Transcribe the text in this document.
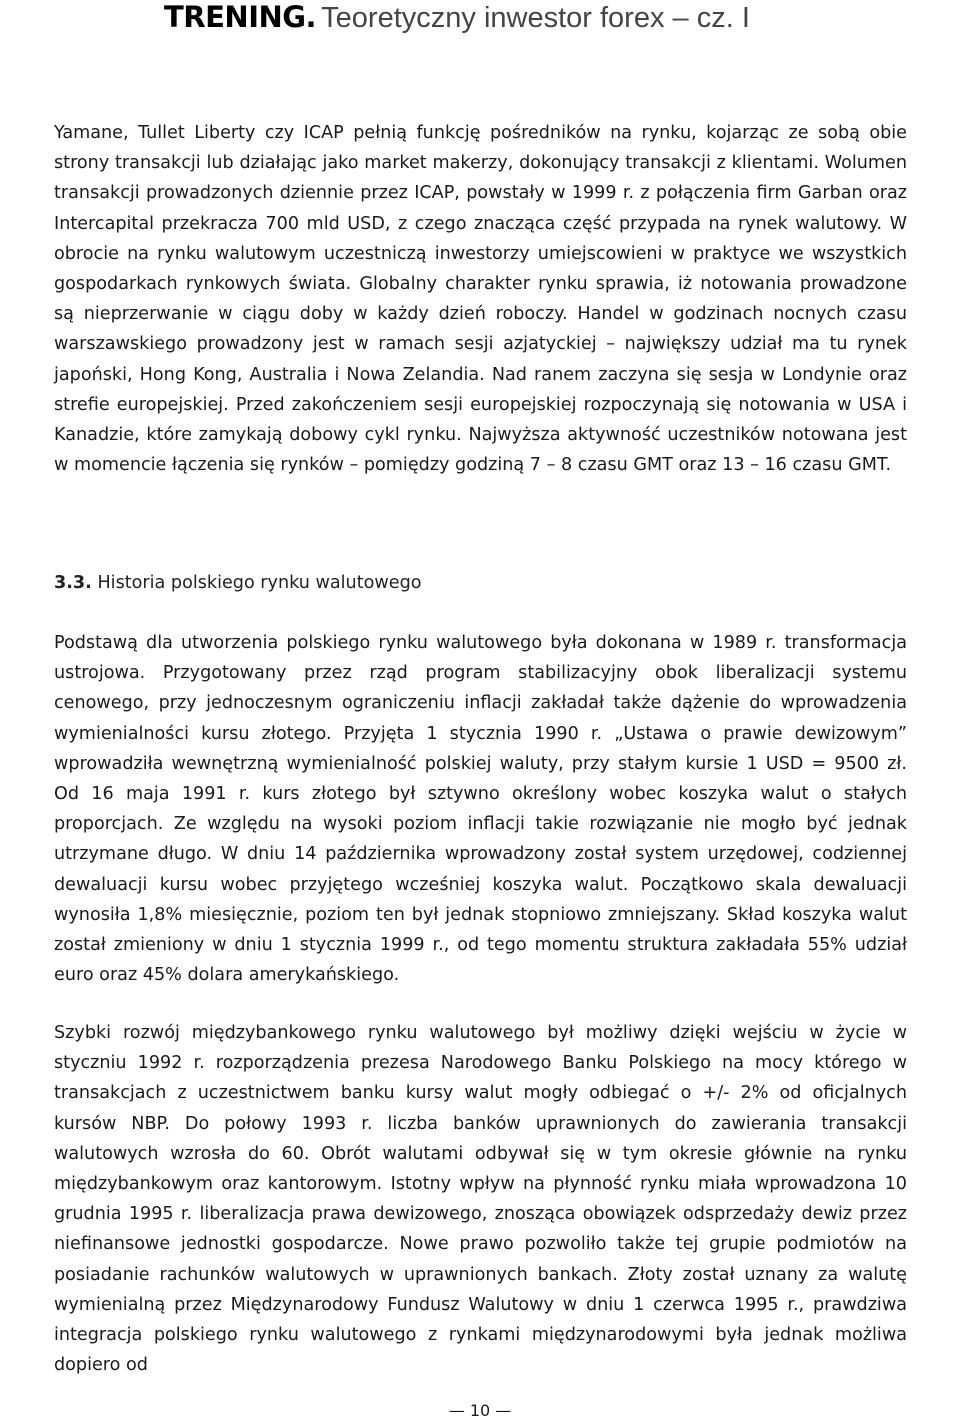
TRENING. Teoretyczny inwestor forex – cz. I

Yamane, Tullet Liberty czy ICAP pełnią funkcję pośredników na rynku, kojarząc ze sobą obie strony transakcji lub działając jako market makerzy, dokonujący transakcji z klientami. Wolumen transakcji prowadzonych dziennie przez ICAP, powstały w 1999 r. z połączenia firm Garban oraz Intercapital przekracza 700 mld USD, z czego znacząca część przypada na rynek walutowy. W obrocie na rynku walutowym uczestniczą inwestorzy umiejscowieni w praktyce we wszystkich gospodarkach rynkowych świata. Globalny charakter rynku sprawia, iż notowania prowadzone są nieprzerwanie w ciągu doby w każdy dzień roboczy. Handel w godzinach nocnych czasu warszawskiego prowadzony jest w ramach sesji azjatyckiej – największy udział ma tu rynek japoński, Hong Kong, Australia i Nowa Zelandia. Nad ranem zaczyna się sesja w Londynie oraz strefie europejskiej. Przed zakończeniem sesji europejskiej rozpoczynają się notowania w USA i Kanadzie, które zamykają dobowy cykl rynku. Najwyższa aktywność uczestników notowana jest w momencie łączenia się rynków – pomiędzy godziną 7 – 8 czasu GMT oraz 13 – 16 czasu GMT.

3.3. Historia polskiego rynku walutowego

Podstawą dla utworzenia polskiego rynku walutowego była dokonana w 1989 r. transformacja ustrojowa. Przygotowany przez rząd program stabilizacyjny obok liberalizacji systemu cenowego, przy jednoczesnym ograniczeniu inflacji zakładał także dążenie do wprowadzenia wymienialności kursu złotego. Przyjęta 1 stycznia 1990 r. „Ustawa o prawie dewizowym” wprowadziła wewnętrzną wymienialność polskiej waluty, przy stałym kursie 1 USD = 9500 zł. Od 16 maja 1991 r. kurs złotego był sztywno określony wobec koszyka walut o stałych proporcjach. Ze względu na wysoki poziom inflacji takie rozwiązanie nie mogło być jednak utrzymane długo. W dniu 14 października wprowadzony został system urzędowej, codziennej dewaluacji kursu wobec przyjętego wcześniej koszyka walut. Początkowo skala dewaluacji wynosiła 1,8% miesięcznie, poziom ten był jednak stopniowo zmniejszany. Skład koszyka walut został zmieniony w dniu 1 stycznia 1999 r., od tego momentu struktura zakładała 55% udział euro oraz 45% dolara amerykańskiego.

Szybki rozwój międzybankowego rynku walutowego był możliwy dzięki wejściu w życie w styczniu 1992 r. rozporządzenia prezesa Narodowego Banku Polskiego na mocy którego w transakcjach z uczestnictwem banku kursy walut mogły odbiegać o +/- 2% od oficjalnych kursów NBP. Do połowy 1993 r. liczba banków uprawnionych do zawierania transakcji walutowych wzrosła do 60. Obrót walutami odbywał się w tym okresie głównie na rynku międzybankowym oraz kantorowym. Istotny wpływ na płynność rynku miała wprowadzona 10 grudnia 1995 r. liberalizacja prawa dewizowego, znosząca obowiązek odsprzedaży dewiz przez niefinansowe jednostki gospodarcze. Nowe prawo pozwoliło także tej grupie podmiotów na posiadanie rachunków walutowych w uprawnionych bankach. Złoty został uznany za walutę wymienialną przez Międzynarodowy Fundusz Walutowy w dniu 1 czerwca 1995 r., prawdziwa integracja polskiego rynku walutowego z rynkami międzynarodowymi była jednak możliwa dopiero od

— 10 —
